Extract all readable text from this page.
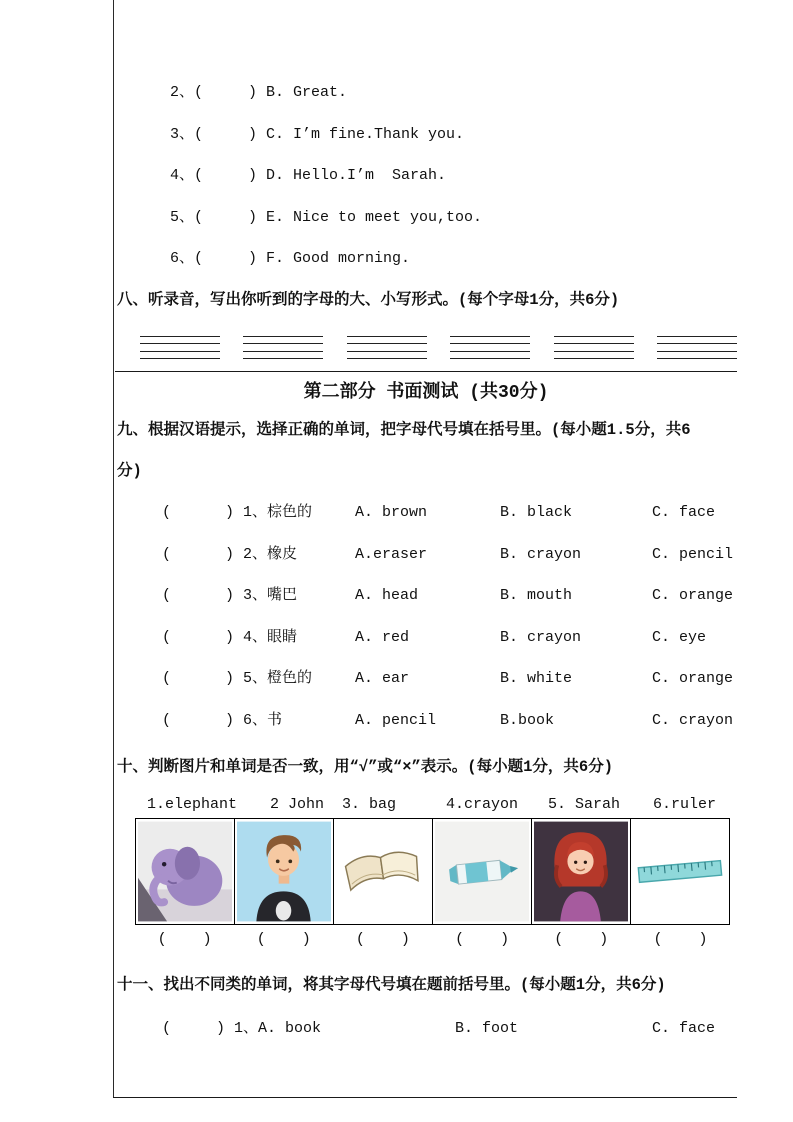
2、(     ) B. Great.
3、(     ) C. I’m fine.Thank you.
4、(     ) D. Hello.I’m  Sarah.
5、(     ) E. Nice to meet you,too.
6、(     ) F. Good morning.
八、听录音，写出你听到的字母的大、小写形式。(每个字母1分，共6分)
第二部分 书面测试 (共30分)
九、根据汉语提示，选择正确的单词，把字母代号填在括号里。(每小题1.5分，共6分)
(      ) 1、棕色的	A. brown	B. black	C. face
(      ) 2、橡皮	A.eraser	B. crayon	C. pencil
(      ) 3、嘴巴	A. head	B. mouth	C. orange
(      ) 4、眼睛	A. red	B. crayon	C. eye
(      ) 5、橙色的	A. ear	B. white	C. orange
(      ) 6、书	A. pencil	B.book	C. crayon
十、判断图片和单词是否一致，用“√”或“×”表示。(每小题1分，共6分)
1.elephant	2 John	3. bag	4.crayon	5. Sarah	6.ruler
(    )	(    )	(    )	(    )	(    )	(    )
十一、找出不同类的单词，将其字母代号填在题前括号里。(每小题1分，共6分)
(     ) 1、A. book	B. foot	C. face
